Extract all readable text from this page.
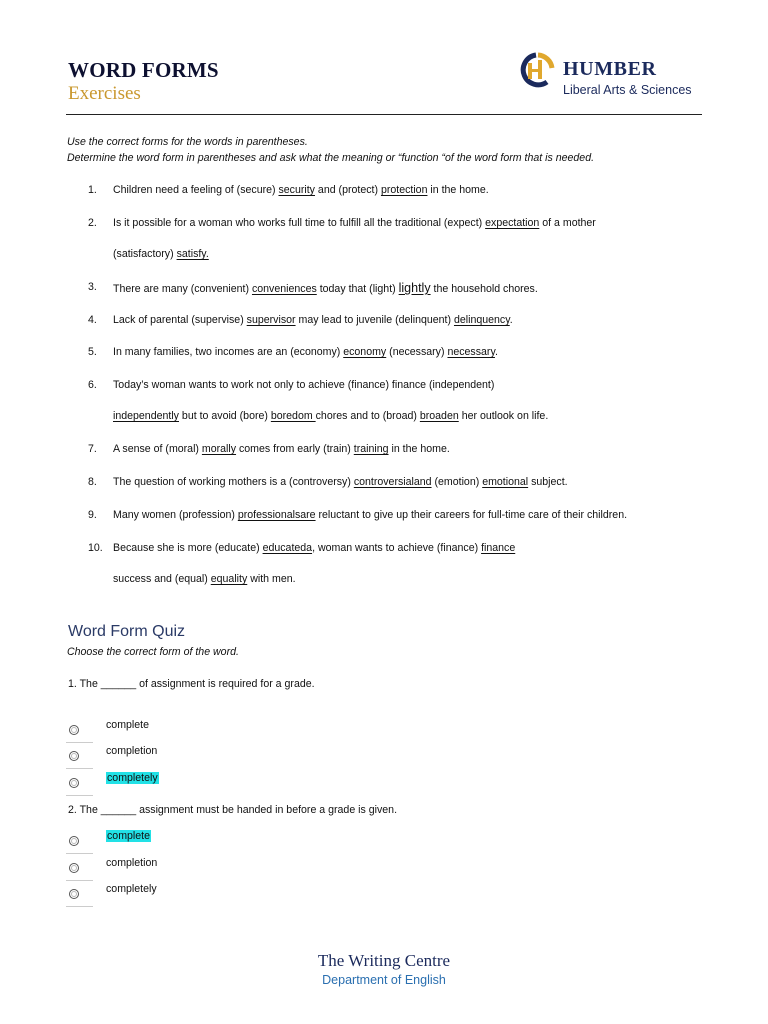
WORD FORMS
Exercises
HUMBER
Liberal Arts & Sciences
Use the correct forms for the words in parentheses.
Determine the word form in parentheses and ask what the meaning or “function “of the word form that is needed.
1. Children need a feeling of (secure) security and (protect) protection in the home.
2. Is it possible for a woman who works full time to fulfill all the traditional (expect) expectation of a mother
(satisfactory) satisfy.
3. There are many (convenient) conveniences today that (light) lightly the household chores.
4. Lack of parental (supervise) supervisor may lead to juvenile (delinquent) delinquency.
5. In many families, two incomes are an (economy) economy (necessary) necessary.
6. Today’s woman wants to work not only to achieve (finance) finance (independent)
independently but to avoid (bore) boredom chores and to (broad) broaden her outlook on life.
7. A sense of (moral) morally comes from early (train) training in the home.
8. The question of working mothers is a (controversy) controversialand (emotion) emotional subject.
9. Many women (profession) professionalsare reluctant to give up their careers for full-time care of their children.
10. Because she is more (educate) educateda, woman wants to achieve (finance) finance
success and (equal) equality with men.
Word Form Quiz
Choose the correct form of the word.
1. The ______ of assignment is required for a grade.
complete
completion
completely
2. The ______ assignment must be handed in before a grade is given.
complete
completion
completely
The Writing Centre
Department of English
